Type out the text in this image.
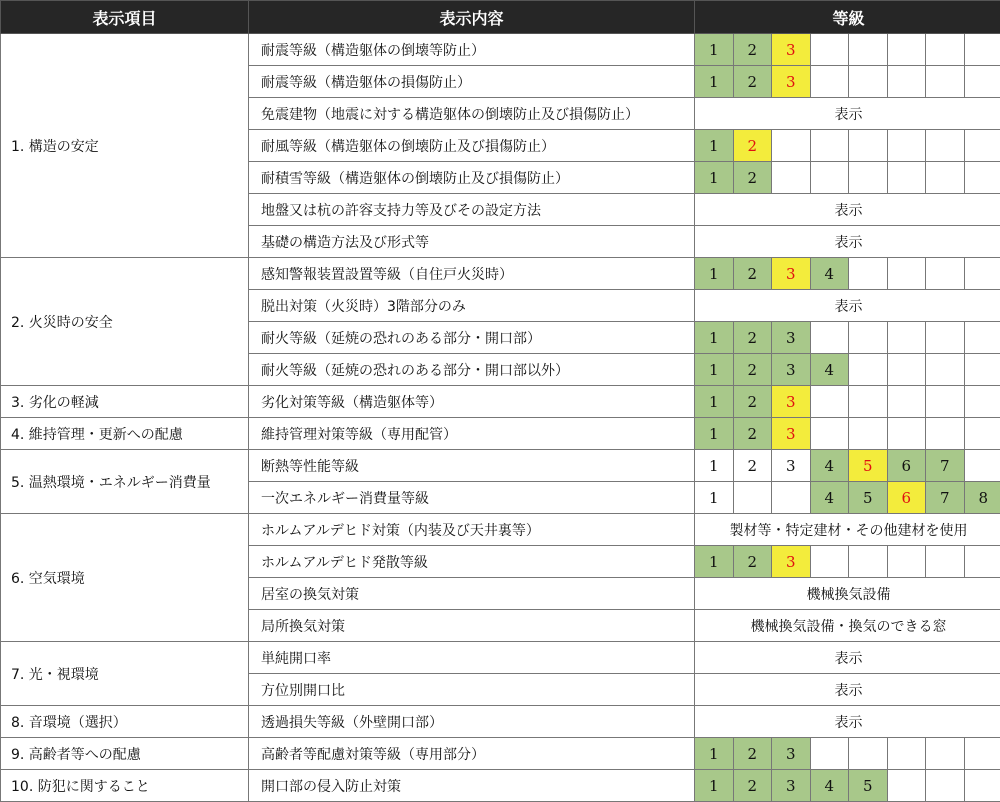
表示項目	表示内容	等級							
1. 構造の安定	耐震等級（構造躯体の倒壊等防止）	1	2	3					
	耐震等級（構造躯体の損傷防止）	1	2	3					
	免震建物（地震に対する構造躯体の倒壊防止及び損傷防止）	表示							
	耐風等級（構造躯体の倒壊防止及び損傷防止）	1	2						
	耐積雪等級（構造躯体の倒壊防止及び損傷防止）	1	2						
	地盤又は杭の許容支持力等及びその設定方法	表示							
	基礎の構造方法及び形式等	表示							
2. 火災時の安全	感知警報装置設置等級（自住戸火災時）	1	2	3	4				
	脱出対策（火災時）3階部分のみ	表示							
	耐火等級（延焼の恐れのある部分・開口部）	1	2	3					
	耐火等級（延焼の恐れのある部分・開口部以外）	1	2	3	4				
3. 劣化の軽減	劣化対策等級（構造躯体等）	1	2	3					
4. 維持管理・更新への配慮	維持管理対策等級（専用配管）	1	2	3					
5. 温熱環境・エネルギー消費量	断熱等性能等級	1	2	3	4	5	6	7	
	一次エネルギー消費量等級	1			4	5	6	7	8
6. 空気環境	ホルムアルデヒド対策（内装及び天井裏等）	製材等・特定建材・その他建材を使用							
	ホルムアルデヒド発散等級	1	2	3					
	居室の換気対策	機械換気設備							
	局所換気対策	機械換気設備・換気のできる窓							
7. 光・視環境	単純開口率	表示							
	方位別開口比	表示							
8. 音環境（選択）	透過損失等級（外壁開口部）	表示							
9. 高齢者等への配慮	高齢者等配慮対策等級（専用部分）	1	2	3					
10. 防犯に関すること	開口部の侵入防止対策	1	2	3	4	5			
